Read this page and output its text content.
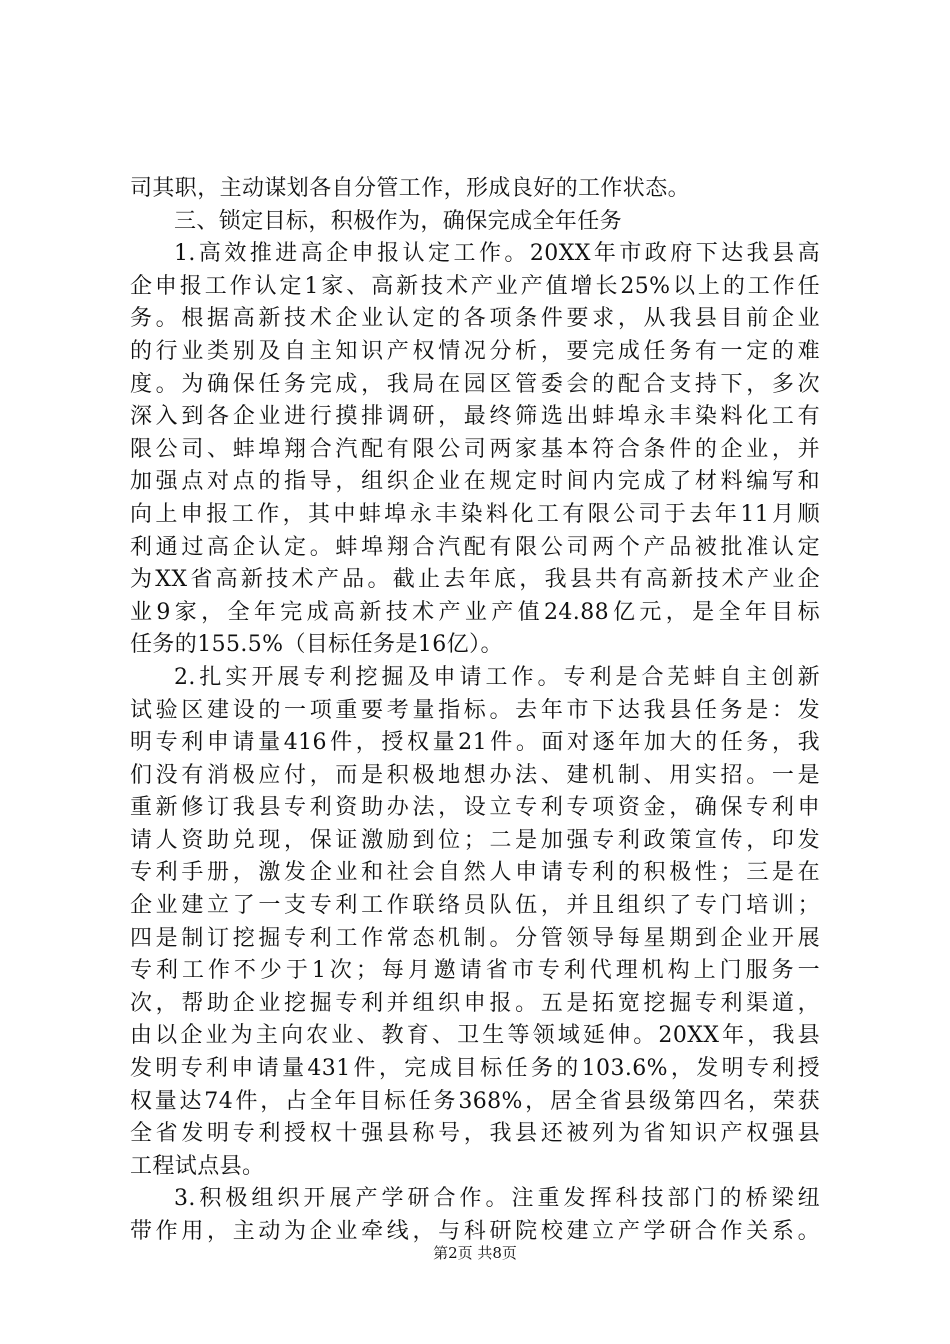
司其职，主动谋划各自分管工作，形成良好的工作状态。
三、锁定目标，积极作为，确保完成全年任务
1.高效推进高企申报认定工作。20XX年市政府下达我县高
企申报工作认定1家、高新技术产业产值增长25%以上的工作任
务。根据高新技术企业认定的各项条件要求，从我县目前企业
的行业类别及自主知识产权情况分析，要完成任务有一定的难
度。为确保任务完成，我局在园区管委会的配合支持下，多次
深入到各企业进行摸排调研，最终筛选出蚌埠永丰染料化工有
限公司、蚌埠翔合汽配有限公司两家基本符合条件的企业，并
加强点对点的指导，组织企业在规定时间内完成了材料编写和
向上申报工作，其中蚌埠永丰染料化工有限公司于去年11月顺
利通过高企认定。蚌埠翔合汽配有限公司两个产品被批准认定
为XX省高新技术产品。截止去年底，我县共有高新技术产业企
业9家，全年完成高新技术产业产值24.88亿元，是全年目标
任务的155.5%（目标任务是16亿）。
2.扎实开展专利挖掘及申请工作。专利是合芜蚌自主创新
试验区建设的一项重要考量指标。去年市下达我县任务是：发
明专利申请量416件，授权量21件。面对逐年加大的任务，我
们没有消极应付，而是积极地想办法、建机制、用实招。一是
重新修订我县专利资助办法，设立专利专项资金，确保专利申
请人资助兑现，保证激励到位；二是加强专利政策宣传，印发
专利手册，激发企业和社会自然人申请专利的积极性；三是在
企业建立了一支专利工作联络员队伍，并且组织了专门培训；
四是制订挖掘专利工作常态机制。分管领导每星期到企业开展
专利工作不少于1次；每月邀请省市专利代理机构上门服务一
次，帮助企业挖掘专利并组织申报。五是拓宽挖掘专利渠道，
由以企业为主向农业、教育、卫生等领域延伸。20XX年，我县
发明专利申请量431件，完成目标任务的103.6%，发明专利授
权量达74件，占全年目标任务368%，居全省县级第四名，荣获
全省发明专利授权十强县称号，我县还被列为省知识产权强县
工程试点县。
3.积极组织开展产学研合作。注重发挥科技部门的桥梁纽
带作用，主动为企业牵线，与科研院校建立产学研合作关系。
第2页 共8页
